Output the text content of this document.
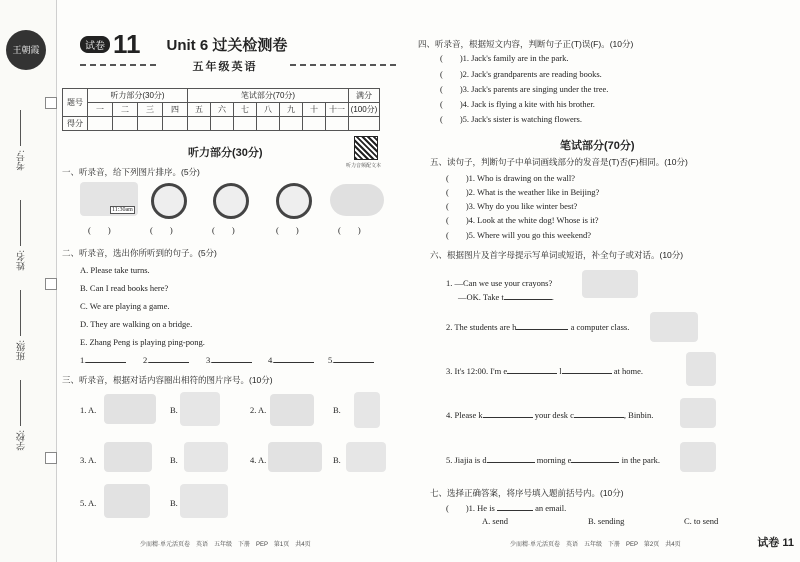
王朝霞
考号:
姓名:
班级:
学校:
试卷 11 Unit 6 过关检测卷
五年级英语
题号	听力部分(30分)				笔试部分(70分)							满分
	一	二	三	四	五	六	七	八	九	十	十一	(100分)
得分												
听力音频配文本
听力部分(30分)
一、听录音，给下列图片排序。(5分)
11:30am
(　　)	(　　)	(　　)	(　　)	(　　)
二、听录音，选出你所听到的句子。(5分)
A. Please take turns.
B. Can I read books here?
C. We are playing a game.
D. They are walking on a bridge.
E. Zhang Peng is playing ping-pong.
1.	2.	3.	4.	5.
三、听录音，根据对话内容圈出相符的图片序号。(10分)
1. A.	B.	2. A.	B.
3. A.	B.	4. A.	B.
5. A.	B.
少而精·单元活页卷　英语　五年级　下册　PEP　第1页　共4页
四、听录音，根据短文内容，判断句子正(T)误(F)。(10分)
(　　)1. Jack's family are in the park.
(　　)2. Jack's grandparents are reading books.
(　　)3. Jack's parents are singing under the tree.
(　　)4. Jack is flying a kite with his brother.
(　　)5. Jack's sister is watching flowers.
笔试部分(70分)
五、读句子，判断句子中单词画线部分的发音是(T)否(F)相同。(10分)
(　　)1. Who is drawing on the wall?
(　　)2. What is the weather like in Beijing?
(　　)3. Why do you like winter best?
(　　)4. Look at the white dog! Whose is it?
(　　)5. Where will you go this weekend?
六、根据图片及首字母提示写单词或短语，补全句子或对话。(10分)
1. —Can we use your crayons?
—OK. Take t	.
2. The students are h	a computer class.
3. It's 12:00. I'm e	l	at home.
4. Please k	your desk c	, Binbin.
5. Jiajia is d	morning e	in the park.
七、选择正确答案，将序号填入题前括号内。(10分)
(　　)1. He is	an email.
A. send	B. sending	C. to send
少而精·单元活页卷　英语　五年级　下册　PEP　第2页　共4页	试卷 11
